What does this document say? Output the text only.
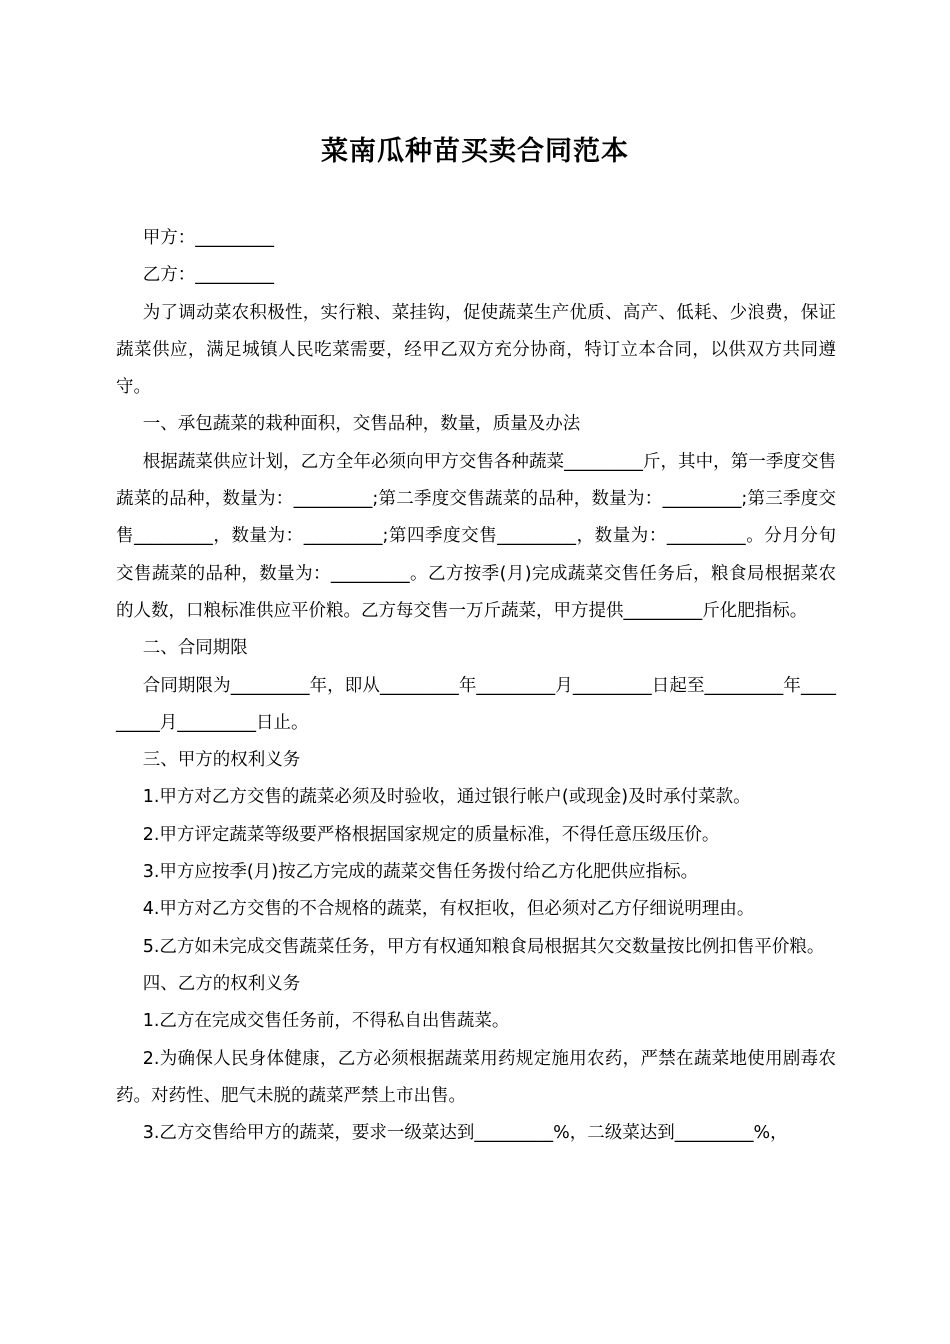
菜南瓜种苗买卖合同范本

甲方：_________

乙方：_________

为了调动菜农积极性，实行粮、菜挂钩，促使蔬菜生产优质、高产、低耗、少浪费，保证蔬菜供应，满足城镇人民吃菜需要，经甲乙双方充分协商，特订立本合同，以供双方共同遵守。

一、承包蔬菜的栽种面积，交售品种，数量，质量及办法

根据蔬菜供应计划，乙方全年必须向甲方交售各种蔬菜_________斤，其中，第一季度交售蔬菜的品种，数量为：_________;第二季度交售蔬菜的品种，数量为：_________;第三季度交售_________，数量为：_________;第四季度交售_________，数量为：_________。分月分旬交售蔬菜的品种，数量为：_________。乙方按季(月)完成蔬菜交售任务后，粮食局根据菜农的人数，口粮标准供应平价粮。乙方每交售一万斤蔬菜，甲方提供_________斤化肥指标。

二、合同期限

合同期限为_________年，即从_________年_________月_________日起至_________年_________月_________日止。

三、甲方的权利义务

1.甲方对乙方交售的蔬菜必须及时验收，通过银行帐户(或现金)及时承付菜款。

2.甲方评定蔬菜等级要严格根据国家规定的质量标准，不得任意压级压价。

3.甲方应按季(月)按乙方完成的蔬菜交售任务拨付给乙方化肥供应指标。

4.甲方对乙方交售的不合规格的蔬菜，有权拒收，但必须对乙方仔细说明理由。

5.乙方如未完成交售蔬菜任务，甲方有权通知粮食局根据其欠交数量按比例扣售平价粮。

四、乙方的权利义务

1.乙方在完成交售任务前，不得私自出售蔬菜。

2.为确保人民身体健康，乙方必须根据蔬菜用药规定施用农药，严禁在蔬菜地使用剧毒农药。对药性、肥气未脱的蔬菜严禁上市出售。

3.乙方交售给甲方的蔬菜，要求一级菜达到_________%，二级菜达到_________%，
